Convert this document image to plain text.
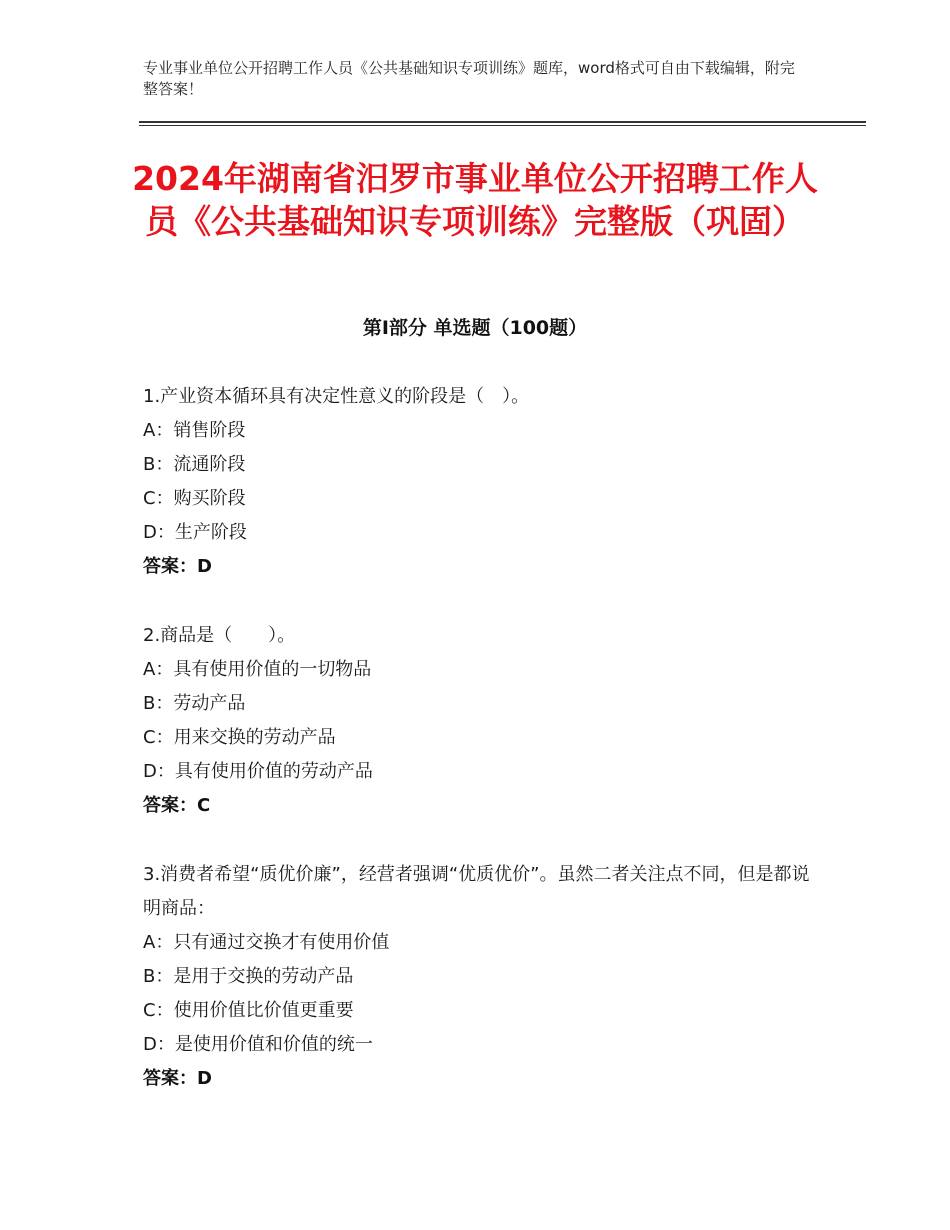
专业事业单位公开招聘工作人员《公共基础知识专项训练》题库，word格式可自由下载编辑，附完整答案！
2024年湖南省汨罗市事业单位公开招聘工作人员《公共基础知识专项训练》完整版（巩固）
第Ⅰ部分 单选题（100题）
1.产业资本循环具有决定性意义的阶段是（　）。
A：销售阶段
B：流通阶段
C：购买阶段
D：生产阶段
答案：D
2.商品是（　　）。
A：具有使用价值的一切物品
B：劳动产品
C：用来交换的劳动产品
D：具有使用价值的劳动产品
答案：C
3.消费者希望“质优价廉”，经营者强调“优质优价”。虽然二者关注点不同，但是都说明商品：
A：只有通过交换才有使用价值
B：是用于交换的劳动产品
C：使用价值比价值更重要
D：是使用价值和价值的统一
答案：D
